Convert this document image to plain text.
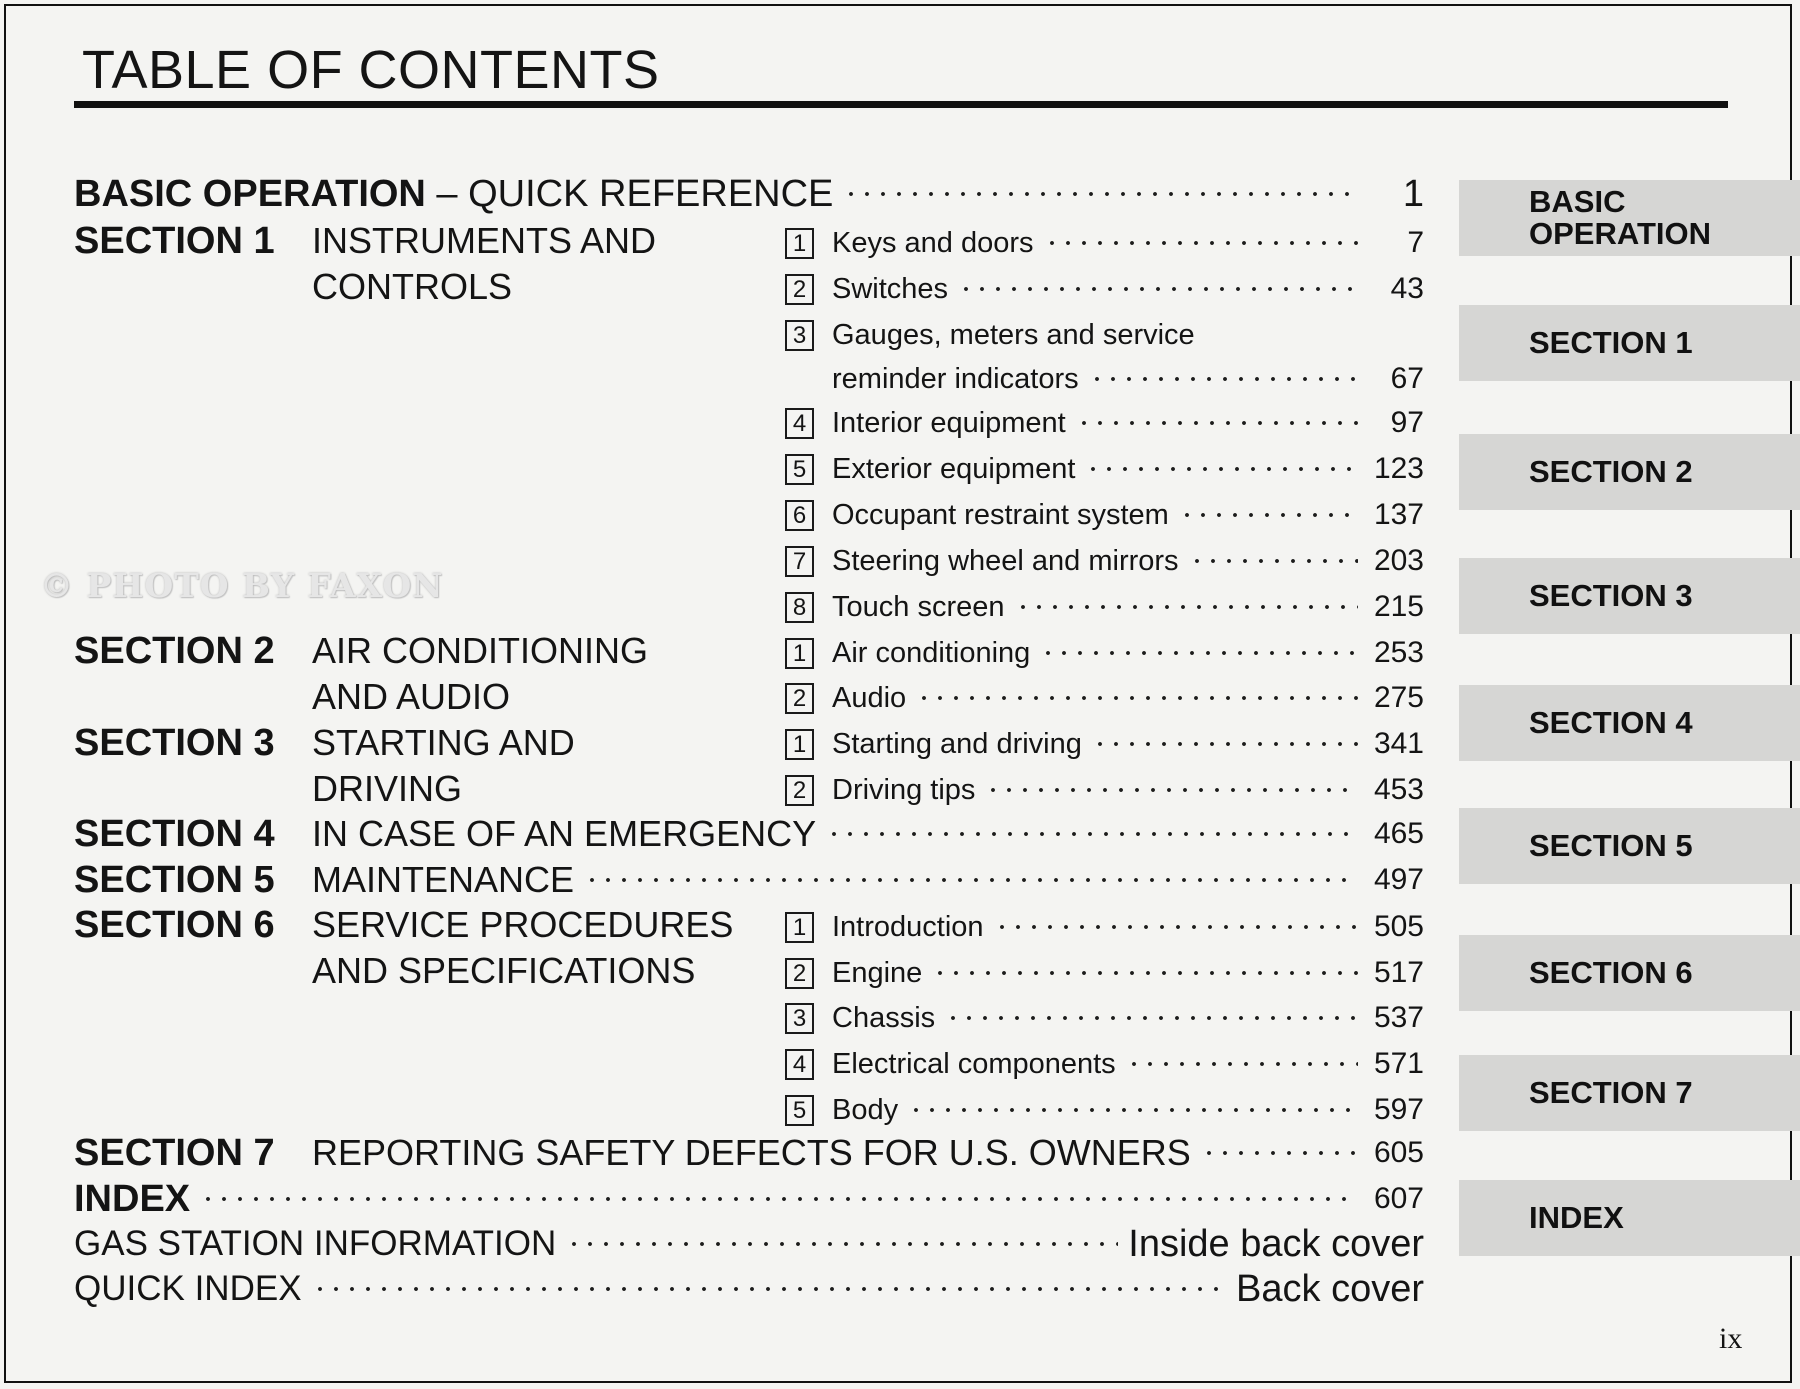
TABLE OF CONTENTS
BASIC OPERATION – QUICK REFERENCE	1
SECTION 1 INSTRUMENTS AND
CONTROLS
1 Keys and doors	7
2 Switches	43
3 Gauges, meters and service
reminder indicators	67
4 Interior equipment	97
5 Exterior equipment	123
6 Occupant restraint system	137
7 Steering wheel and mirrors	203
8 Touch screen	215
© PHOTO BY FAXON
SECTION 2 AIR CONDITIONING
AND AUDIO
1 Air conditioning	253
2 Audio	275
SECTION 3 STARTING AND
DRIVING
1 Starting and driving	341
2 Driving tips	453
SECTION 4 IN CASE OF AN EMERGENCY	465
SECTION 5 MAINTENANCE	497
SECTION 6 SERVICE PROCEDURES
AND SPECIFICATIONS
1 Introduction	505
2 Engine	517
3 Chassis	537
4 Electrical components	571
5 Body	597
SECTION 7 REPORTING SAFETY DEFECTS FOR U.S. OWNERS	605
INDEX	607
GAS STATION INFORMATION	Inside back cover
QUICK INDEX	Back cover
BASIC
OPERATION
SECTION 1
SECTION 2
SECTION 3
SECTION 4
SECTION 5
SECTION 6
SECTION 7
INDEX
ix
